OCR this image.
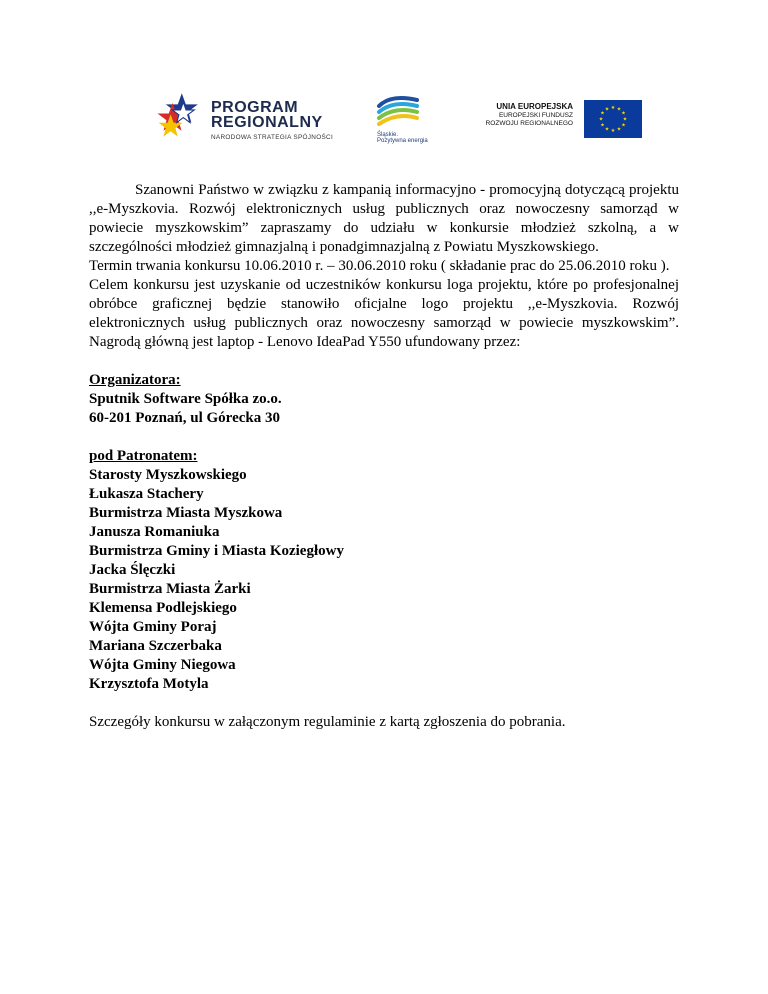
PROGRAM
REGIONALNY
NARODOWA STRATEGIA SPÓJNOŚCI	Śląskie.
Pozytywna energia
UNIA EUROPEJSKA
EUROPEJSKI FUNDUSZ
ROZWOJU REGIONALNEGO
★ ★
★
★
★
★
★
★
★
★
★
★

Szanowni Państwo w związku z kampanią informacyjno - promocyjną dotyczącą projektu ,,e-Myszkovia. Rozwój elektronicznych usług publicznych oraz nowoczesny samorząd w powiecie myszkowskim” zapraszamy do udziału w konkursie młodzież szkolną, a w szczególności młodzież gimnazjalną i ponadgimnazjalną z Powiatu Myszkowskiego.

Termin trwania konkursu 10.06.2010 r. – 30.06.2010 roku ( składanie prac do 25.06.2010 roku ).

Celem konkursu jest uzyskanie od uczestników konkursu loga projektu, które po profesjonalnej obróbce graficznej będzie stanowiło oficjalne logo projektu ,,e-Myszkovia. Rozwój elektronicznych usług publicznych oraz nowoczesny samorząd w powiecie myszkowskim”. Nagrodą główną jest laptop - Lenovo IdeaPad Y550 ufundowany przez:

Organizatora:
Sputnik Software Spółka zo.o.
60-201 Poznań, ul Górecka 30
pod Patronatem:
Starosty Myszkowskiego
Łukasza Stachery
Burmistrza Miasta Myszkowa
Janusza Romaniuka
Burmistrza Gminy i Miasta Koziegłowy
Jacka Ślęczki
Burmistrza Miasta Żarki
Klemensa Podlejskiego
Wójta Gminy Poraj
Mariana Szczerbaka
Wójta Gminy Niegowa
Krzysztofa Motyla

Szczegóły konkursu w załączonym regulaminie z kartą zgłoszenia do pobrania.
